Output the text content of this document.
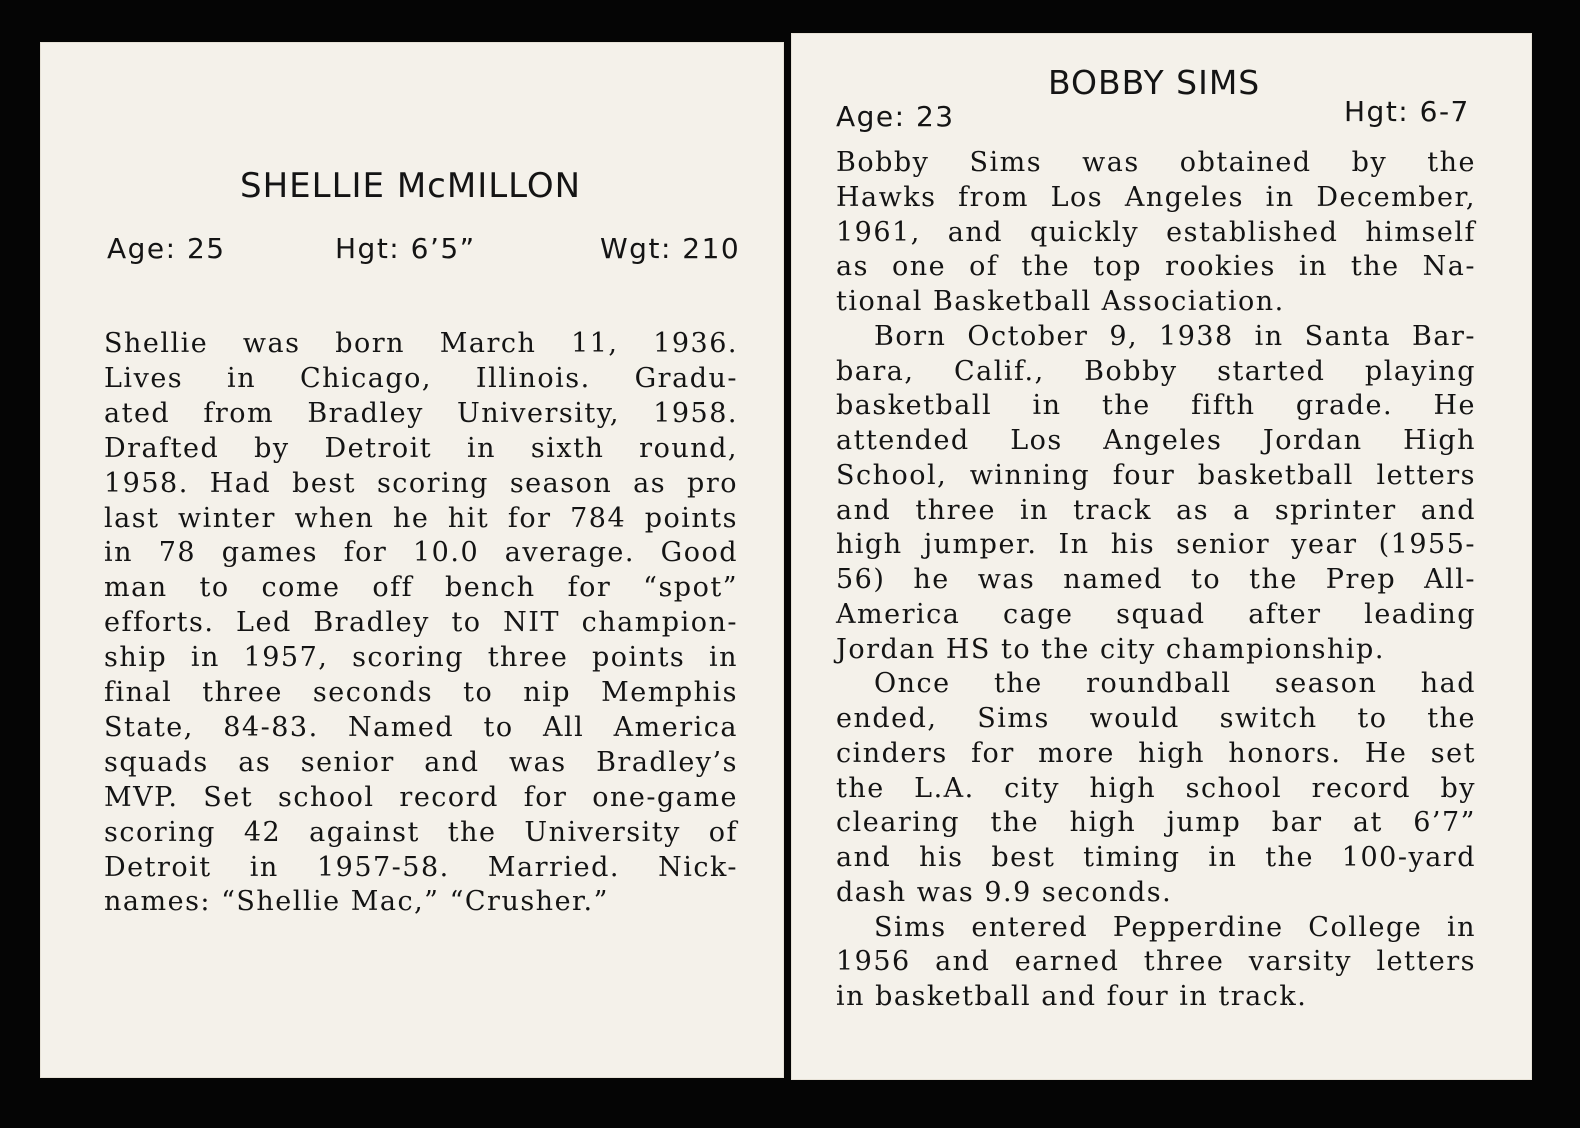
SHELLIE McMILLON
Age: 25	Hgt: 6’5”	Wgt: 210
Shellie was born March 11, 1936.
Lives in Chicago, Illinois. Gradu-
ated from Bradley University, 1958.
Drafted by Detroit in sixth round,
1958. Had best scoring season as pro
last winter when he hit for 784 points
in 78 games for 10.0 average. Good
man to come off bench for “spot”
efforts. Led Bradley to NIT champion-
ship in 1957, scoring three points in
final three seconds to nip Memphis
State, 84-83. Named to All America
squads as senior and was Bradley’s
MVP. Set school record for one-game
scoring 42 against the University of
Detroit in 1957-58. Married. Nick-
names: “Shellie Mac,” “Crusher.”
BOBBY SIMS
Age: 23	Hgt: 6-7
Bobby Sims was obtained by the
Hawks from Los Angeles in December,
1961, and quickly established himself
as one of the top rookies in the Na-
tional Basketball Association.
Born October 9, 1938 in Santa Bar-
bara, Calif., Bobby started playing
basketball in the fifth grade. He
attended Los Angeles Jordan High
School, winning four basketball letters
and three in track as a sprinter and
high jumper. In his senior year (1955-
56) he was named to the Prep All-
America cage squad after leading
Jordan HS to the city championship.
Once the roundball season had
ended, Sims would switch to the
cinders for more high honors. He set
the L.A. city high school record by
clearing the high jump bar at 6’7”
and his best timing in the 100-yard
dash was 9.9 seconds.
Sims entered Pepperdine College in
1956 and earned three varsity letters
in basketball and four in track.
